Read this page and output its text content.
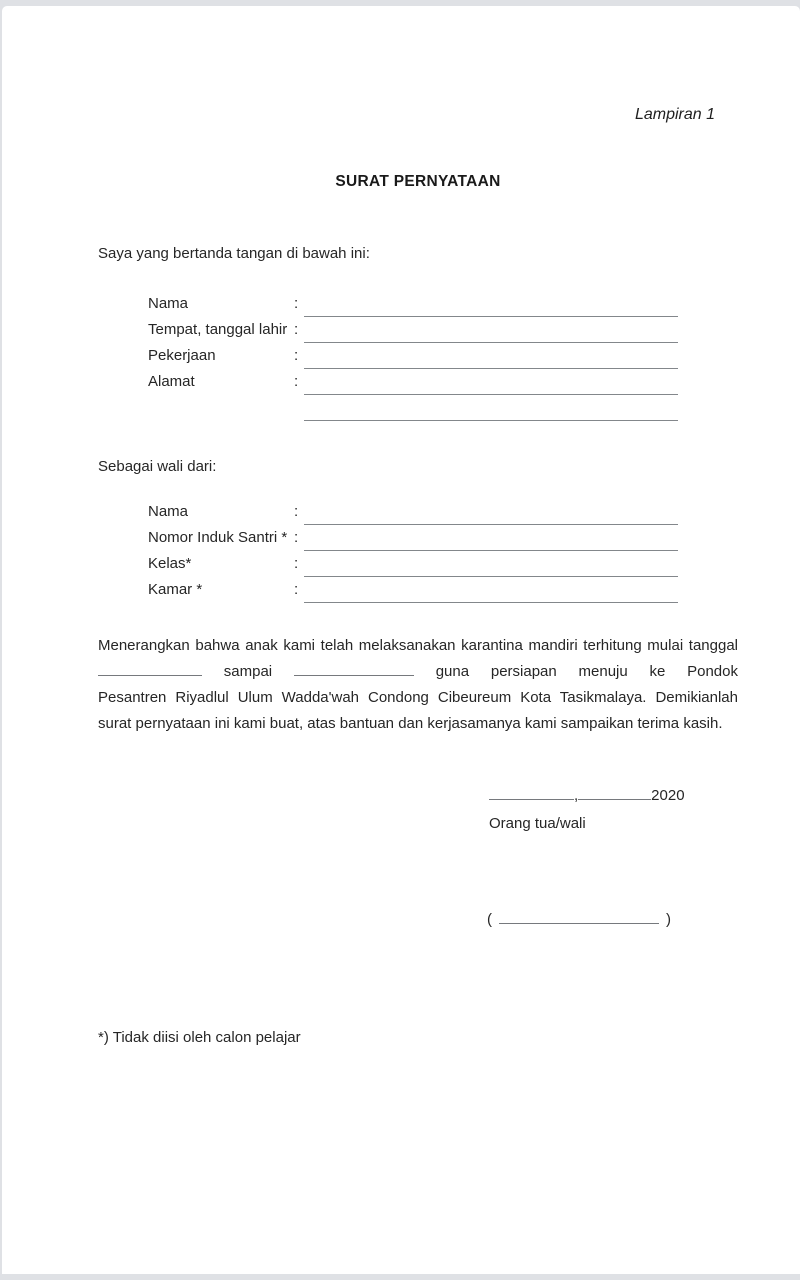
Lampiran 1
SURAT PERNYATAAN
Saya yang bertanda tangan di bawah ini:
Nama	:
Tempat, tanggal lahir :
Pekerjaan	:
Alamat	:
Sebagai wali dari:
Nama	:
Nomor Induk Santri * :
Kelas*	:
Kamar *	:
Menerangkan bahwa anak kami telah melaksanakan karantina mandiri terhitung mulai tanggal
sampai	guna persiapan menuju ke Pondok
Pesantren Riyadlul Ulum Wadda'wah Condong Cibeureum Kota Tasikmalaya. Demikianlah
surat pernyataan ini kami buat, atas bantuan dan kerjasamanya kami sampaikan terima kasih.
,	2020
Orang tua/wali
(	)
*) Tidak diisi oleh calon pelajar
